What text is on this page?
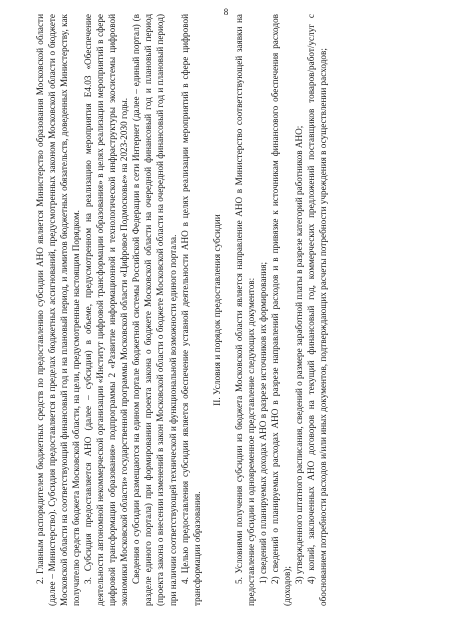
8

2. Главным распорядителем бюджетных средств по предоставлению субсидии АНО является Министерство образования Московской области (далее – Министерство). Субсидия предоставляется в пределах бюджетных ассигнований, предусмотренных законом Московской области о бюджете Московской области на соответствующий финансовый год и на плановый период, и лимитов бюджетных обязательств, доведенных Министерству, как получателю средств бюджета Московской области, на цели, предусмотренные настоящим Порядком. 3. Субсидия предоставляется АНО (далее – субсидия) в объеме, предусмотренном на реализацию мероприятия Е4.03 «Обеспечение деятельности автономной некоммерческой организации «Институт цифровой трансформации образования» в целях реализации мероприятий в сфере цифровой трансформации образования» подпрограммы 2 «Развитие информационной и технологической инфраструктуры экосистемы цифровой экономики Московской области» государственной программы Московской области «Цифровое Подмосковье» на 2023-2030 годы. Сведения о субсидии размещаются на едином портале бюджетной системы Российской Федерации в сети Интернет (далее – единый портал) (в разделе единого портала) при формировании проекта закона о бюджете Московской области на очередной финансовый год и плановый период (проекта закона о внесении изменений в закон Московской области о бюджете Московской области на очередной финансовый год и плановый период) при наличии соответствующей технической и функциональной возможности единого портала. 4. Целью предоставления субсидии является обеспечение уставной деятельности АНО в целях реализации мероприятий в сфере цифровой трансформации образования.

II. Условия и порядок предоставления субсидии 5. Условиями получения субсидии из бюджета Московской области является направление АНО в Министерство соответствующей заявки на предоставление субсидии и одновременное представление следующих документов: 1) сведений о планируемых доходах АНО в разрезе источников их формирования; 2) сведений о планируемых расходах АНО в разрезе направлений расходов и в привязке к источникам финансового обеспечения расходов (доходов);

3) утвержденного штатного расписания, сведений о размере заработной платы в разрезе категорий работников АНО; 4) копий, заключенных АНО договоров на текущий финансовый год, коммерческих предложений поставщиков товаров/работ/услуг с обоснованием потребности расходов и/или иных документов, подтверждающих расчеты потребности учреждения в осуществлении расходов;
